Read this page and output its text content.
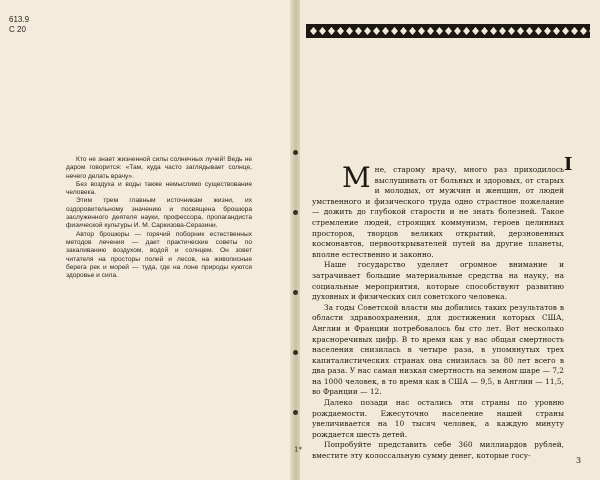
613.9
С 20

Кто не знает жизненной силы солнечных лучей! Ведь не даром говорится: «Там, куда часто заглядывает солнце, нечего делать врачу».

Без воздуха и воды также немыслимо существование человека.

Этим трем главным источникам жизни, их оздоровительному значению и посвящена брошюра заслуженного деятеля науки, профессора, пропагандиста физической культуры И. М. Саркизова-Серазини.

Автор брошюры — горячий поборник естественных методов лечения — дает практические советы по закаливанию воздухом, водой и солнцем. Он зовет читателя на просторы полей и лесов, на живописные берега рек и морей — туда, где на лоне природы куются здоровье и сила.

I

Мне, старому врачу, много раз приходилось выслушивать от больных и здоровых, от старых и молодых, от мужчин и женщин, от людей умственного и физического труда одно страстное пожелание — дожить до глубокой старости и не знать болезней. Такое стремление людей, строящих коммунизм, героев целинных просторов, творцов великих открытий, дерзновенных космонавтов, первооткрывателей путей на другие планеты, вполне естественно и законно.

Наше государство уделяет огромное внимание и затрачивает большие материальные средства на науку, на социальные мероприятия, которые способствуют развитию духовных и физических сил советского человека.

За годы Советской власти мы добились таких результатов в области здравоохранения, для достижения которых США, Англии и Франции потребовалось бы сто лет. Вот несколько красноречивых цифр. В то время как у нас общая смертность населения снизилась в четыре раза, в упомянутых трех капиталистических странах она снизилась за 80 лет всего в два раза. У нас самая низкая смертность на земном шаре — 7,2 на 1000 человек, в то время как в США — 9,5, в Англии — 11,5, во Франции — 12.

Далеко позади нас остались эти страны по уровню рождаемости. Ежесуточно население нашей страны увеличивается на 10 тысяч человек, а каждую минуту рождается шесть детей.

Попробуйте представить себе 360 миллиардов рублей, вместите эту колоссальную сумму денег, которые госу-

1*
3
